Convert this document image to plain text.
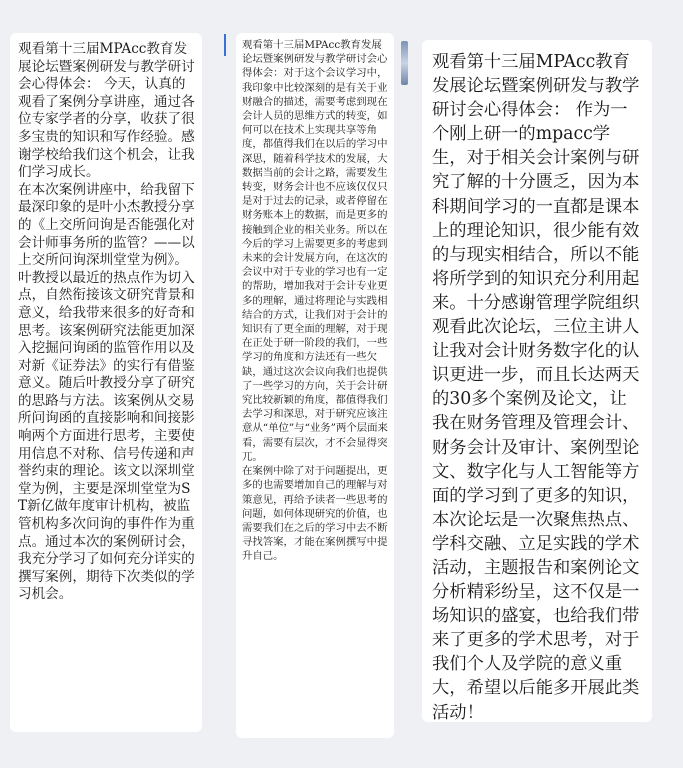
观看第十三届MPAcc教育发展论坛暨案例研发与教学研讨会心得体会： 今天，认真的观看了案例分享讲座，通过各位专家学者的分享，收获了很多宝贵的知识和写作经验。感谢学校给我们这个机会，让我们学习成长。

在本次案例讲座中，给我留下最深印象的是叶小杰教授分享的《上交所问询是否能强化对会计师事务所的监管？——以上交所问询深圳堂堂为例》。叶教授以最近的热点作为切入点，自然衔接该文研究背景和意义，给我带来很多的好奇和思考。该案例研究法能更加深入挖掘问询函的监管作用以及对新《证券法》的实行有借鉴意义。随后叶教授分享了研究的思路与方法。该案例从交易所问询函的直接影响和间接影响两个方面进行思考，主要使用信息不对称、信号传递和声誉约束的理论。该文以深圳堂堂为例，主要是深圳堂堂为ST新亿做年度审计机构，被监管机构多次问询的事件作为重点。通过本次的案例研讨会，我充分学习了如何充分详实的撰写案例，期待下次类似的学习机会。

观看第十三届MPAcc教育发展论坛暨案例研发与教学研讨会心得体会：对于这个会议学习中，我印象中比较深刻的是有关于业财融合的描述，需要考虑到现在会计人员的思维方式的转变，如何可以在技术上实现共享等角度，都值得我们在以后的学习中深思，随着科学技术的发展，大数据当前的会计之路，需要发生转变，财务会计也不应该仅仅只是对于过去的记录，或者停留在财务账本上的数据，而是更多的接触到企业的相关业务。所以在今后的学习上需要更多的考虑到未来的会计发展方向，在这次的会议中对于专业的学习也有一定的帮助，增加我对于会计专业更多的理解，通过将理论与实践相结合的方式，让我们对于会计的知识有了更全面的理解，对于现在正处于研一阶段的我们，一些学习的角度和方法还有一些欠缺，通过这次会议向我们也提供了一些学习的方向，关于会计研究比较新颖的角度，都值得我们去学习和深思，对于研究应该注意从“单位”与“业务”两个层面来看，需要有层次，才不会显得突兀。

在案例中除了对于问题提出，更多的也需要增加自己的理解与对策意见，再给予读者一些思考的问题，如何体现研究的价值，也需要我们在之后的学习中去不断寻找答案，才能在案例撰写中提升自己。

观看第十三届MPAcc教育发展论坛暨案例研发与教学研讨会心得体会： 作为一个刚上研一的mpacc学生，对于相关会计案例与研究了解的十分匮乏，因为本科期间学习的一直都是课本上的理论知识，很少能有效的与现实相结合，所以不能将所学到的知识充分利用起来。十分感谢管理学院组织观看此次论坛，三位主讲人让我对会计财务数字化的认识更进一步，而且长达两天的30多个案例及论文，让我在财务管理及管理会计、财务会计及审计、案例型论文、数字化与人工智能等方面的学习到了更多的知识，本次论坛是一次聚焦热点、学科交融、立足实践的学术活动，主题报告和案例论文分析精彩纷呈，这不仅是一场知识的盛宴，也给我们带来了更多的学术思考，对于我们个人及学院的意义重大，希望以后能多开展此类活动！
